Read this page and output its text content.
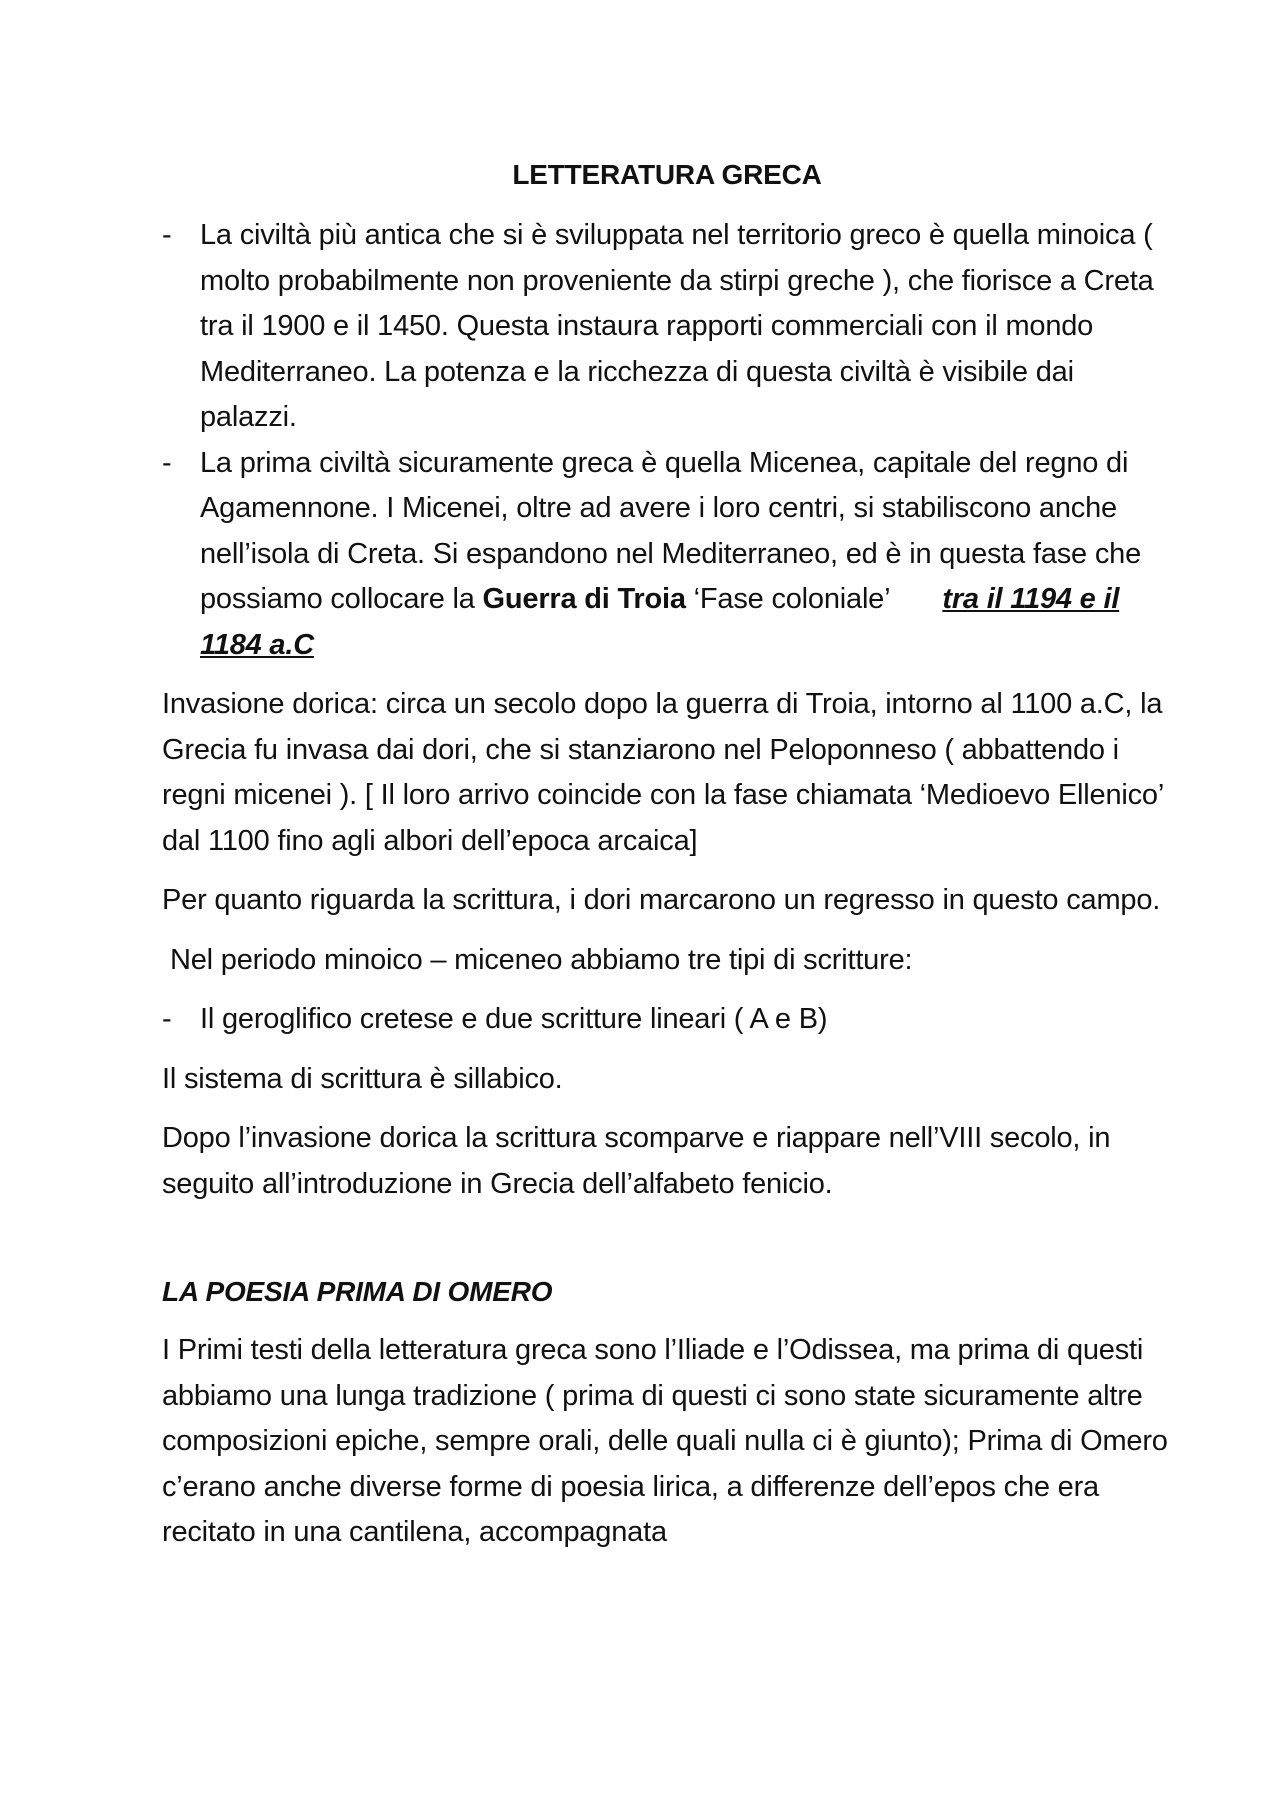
LETTERATURA GRECA
- La civiltà più antica che si è sviluppata nel territorio greco è quella minoica ( molto probabilmente non proveniente da stirpi greche ), che fiorisce a Creta tra il 1900 e il 1450. Questa instaura rapporti commerciali con il mondo Mediterraneo. La potenza e la ricchezza di questa civiltà è visibile dai palazzi.
- La prima civiltà sicuramente greca è quella Micenea, capitale del regno di Agamennone. I Micenei, oltre ad avere i loro centri, si stabiliscono anche nell’isola di Creta. Si espandono nel Mediterraneo, ed è in questa fase che possiamo collocare la Guerra di Troia ‘Fase coloniale’ tra il 1194 e il 1184 a.C

Invasione dorica: circa un secolo dopo la guerra di Troia, intorno al 1100 a.C, la Grecia fu invasa dai dori, che si stanziarono nel Peloponneso ( abbattendo i regni micenei ). [ Il loro arrivo coincide con la fase chiamata ‘Medioevo Ellenico’ dal 1100 fino agli albori dell’epoca arcaica]

Per quanto riguarda la scrittura, i dori marcarono un regresso in questo campo.

Nel periodo minoico – miceneo abbiamo tre tipi di scritture:

- Il geroglifico cretese e due scritture lineari ( A e B)

Il sistema di scrittura è sillabico.

Dopo l’invasione dorica la scrittura scomparve e riappare nell’VIII secolo, in seguito all’introduzione in Grecia dell’alfabeto fenicio.

LA POESIA PRIMA DI OMERO

I Primi testi della letteratura greca sono l’Iliade e l’Odissea, ma prima di questi abbiamo una lunga tradizione ( prima di questi ci sono state sicuramente altre composizioni epiche, sempre orali, delle quali nulla ci è giunto); Prima di Omero c’erano anche diverse forme di poesia lirica, a differenze dell’epos che era recitato in una cantilena, accompagnata
